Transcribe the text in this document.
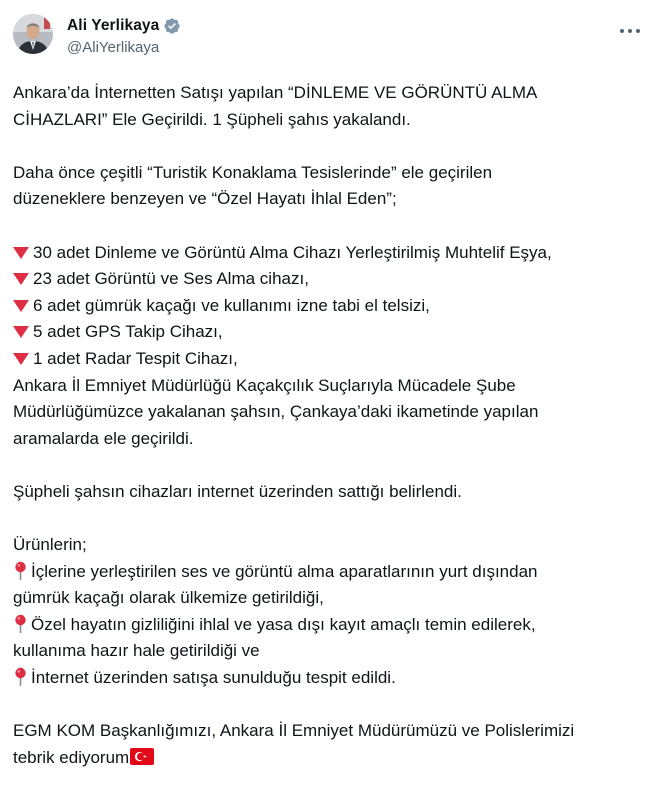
Ali Yerlikaya
@AliYerlikaya
Ankara’da İnternetten Satışı yapılan “DİNLEME VE GÖRÜNTÜ ALMA
CİHAZLARI” Ele Geçirildi. 1 Şüpheli şahıs yakalandı.
Daha önce çeşitli “Turistik Konaklama Tesislerinde” ele geçirilen
düzeneklere benzeyen ve “Özel Hayatı İhlal Eden”;
30 adet Dinleme ve Görüntü Alma Cihazı Yerleştirilmiş Muhtelif Eşya,
23 adet Görüntü ve Ses Alma cihazı,
6 adet gümrük kaçağı ve kullanımı izne tabi el telsizi,
5 adet GPS Takip Cihazı,
1 adet Radar Tespit Cihazı,
Ankara İl Emniyet Müdürlüğü Kaçakçılık Suçlarıyla Mücadele Şube
Müdürlüğümüzce yakalanan şahsın, Çankaya’daki ikametinde yapılan
aramalarda ele geçirildi.
Şüpheli şahsın cihazları internet üzerinden sattığı belirlendi.
Ürünlerin;
İçlerine yerleştirilen ses ve görüntü alma aparatlarının yurt dışından
gümrük kaçağı olarak ülkemize getirildiği,
Özel hayatın gizliliğini ihlal ve yasa dışı kayıt amaçlı temin edilerek,
kullanıma hazır hale getirildiği ve
İnternet üzerinden satışa sunulduğu tespit edildi.
EGM KOM Başkanlığımızı, Ankara İl Emniyet Müdürümüzü ve Polislerimizi
tebrik ediyorum
